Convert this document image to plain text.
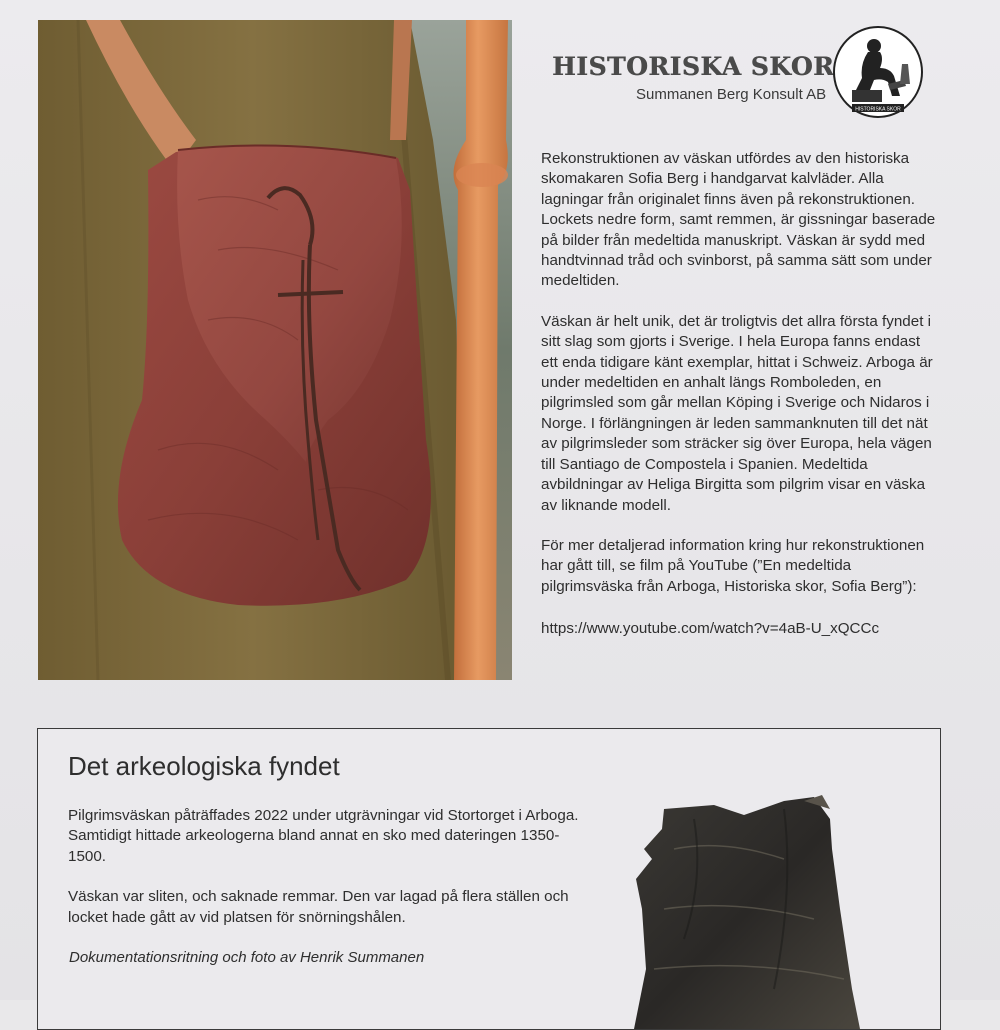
HISTORISKA SKOR
Summanen Berg Konsult AB
HISTORISKA SKOR

Rekonstruktionen av väskan utfördes av den historiska skomakaren Sofia Berg i handgarvat kalvläder. Alla lagningar från originalet finns även på rekonstruktionen. Lockets nedre form, samt remmen, är gissningar baserade på bilder från medeltida manuskript. Väskan är sydd med handtvinnad tråd och svinborst, på samma sätt som under medeltiden.

Väskan är helt unik, det är troligtvis det allra första fyndet i sitt slag som gjorts i Sverige. I hela Europa fanns endast ett enda tidigare känt exemplar, hittat i Schweiz. Arboga är under medeltiden en anhalt längs Romboleden, en pilgrimsled som går mellan Köping i Sverige och Nidaros i Norge. I förlängningen är leden sammanknuten till det nät av pilgrimsleder som sträcker sig över Europa, hela vägen till Santiago de Compostela i Spanien. Medeltida avbildningar av Heliga Birgitta som pilgrim visar en väska av liknande modell.

För mer detaljerad information kring hur rekonstruktionen har gått till, se film på YouTube (”En medeltida pilgrimsväska från Arboga, Historiska skor, Sofia Berg”):

https://www.youtube.com/watch?v=4aB-U_xQCCc
Det arkeologiska fyndet

Pilgrimsväskan påträffades 2022 under utgrävningar vid Stortorget i Arboga. Samtidigt hittade arkeologerna bland annat en sko med dateringen 1350-1500.

Väskan var sliten, och saknade remmar. Den var lagad på flera ställen och locket hade gått av vid platsen för snörningshålen.

Dokumentationsritning och foto av Henrik Summanen
